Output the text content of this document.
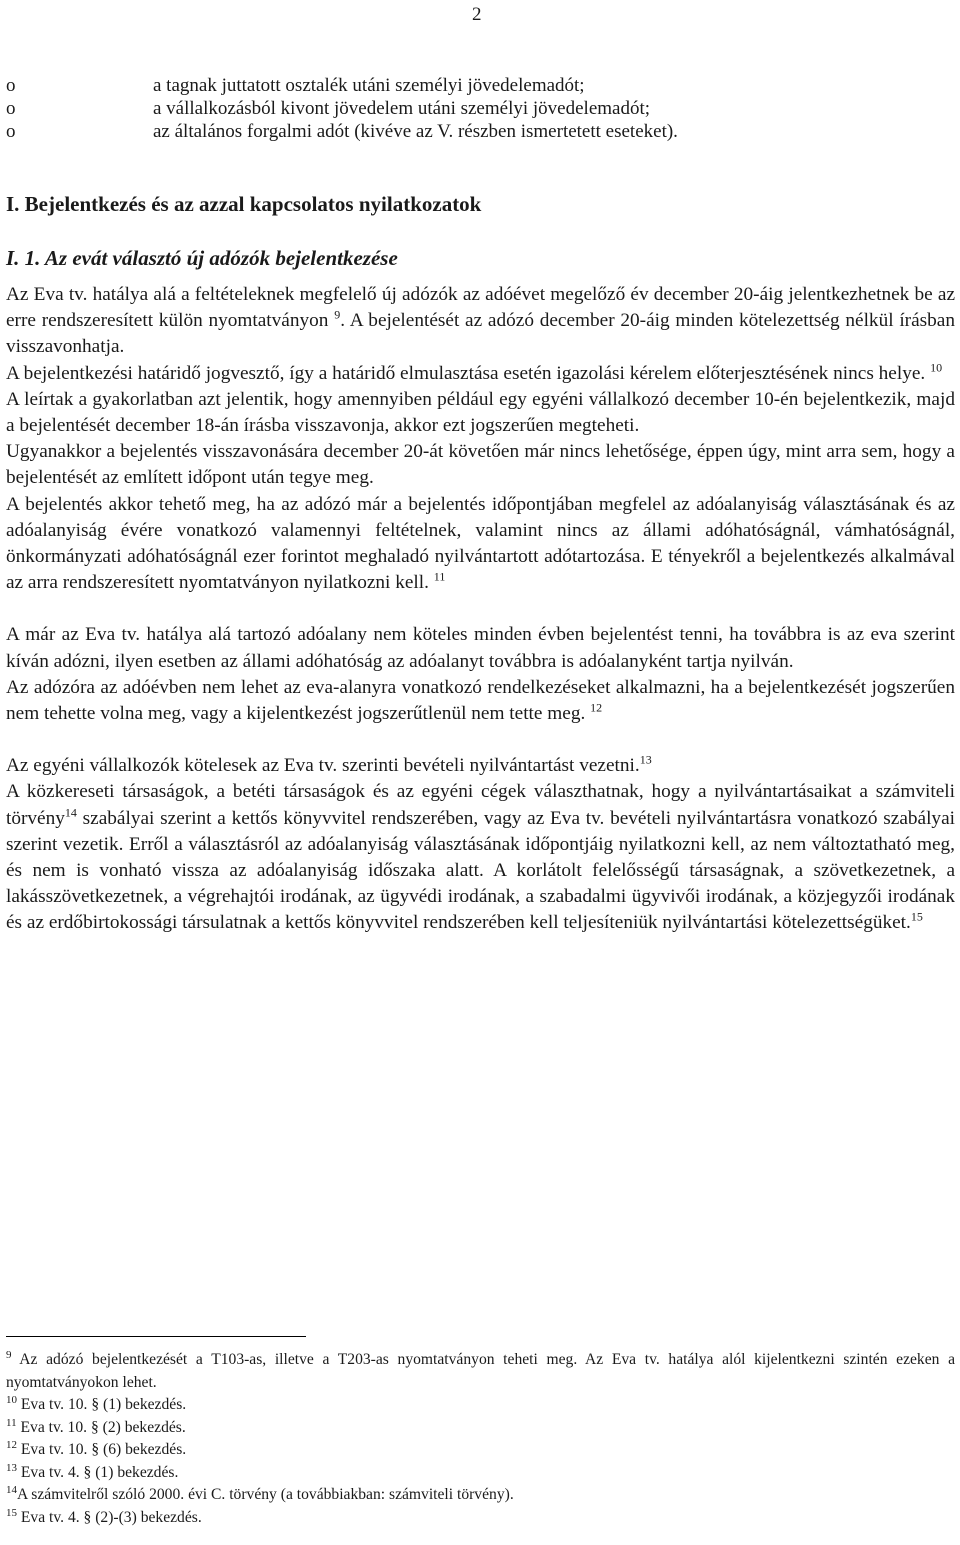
2
o	a tagnak juttatott osztalék utáni személyi jövedelemadót;
o	a vállalkozásból kivont jövedelem utáni személyi jövedelemadót;
o	az általános forgalmi adót (kivéve az V. részben ismertetett eseteket).
I. Bejelentkezés és az azzal kapcsolatos nyilatkozatok
I. 1. Az evát választó új adózók bejelentkezése

Az Eva tv. hatálya alá a feltételeknek megfelelő új adózók az adóévet megelőző év december 20-áig jelentkezhetnek be az erre rendszeresített külön nyomtatványon $^9$. A bejelentését az adózó december 20-áig minden kötelezettség nélkül írásban visszavonhatja.

A bejelentkezési határidő jogvesztő, így a határidő elmulasztása esetén igazolási kérelem előterjesztésének nincs helye. $^{10}$

A leírtak a gyakorlatban azt jelentik, hogy amennyiben például egy egyéni vállalkozó december 10-én bejelentkezik, majd a bejelentését december 18-án írásba visszavonja, akkor ezt jogszerűen megteheti.

Ugyanakkor a bejelentés visszavonására december 20-át követően már nincs lehetősége, éppen úgy, mint arra sem, hogy a bejelentését az említett időpont után tegye meg.

A bejelentés akkor tehető meg, ha az adózó már a bejelentés időpontjában megfelel az adóalanyiság választásának és az adóalanyiság évére vonatkozó valamennyi feltételnek, valamint nincs az állami adóhatóságnál, vámhatóságnál, önkormányzati adóhatóságnál ezer forintot meghaladó nyilvántartott adótartozása. E tényekről a bejelentkezés alkalmával az arra rendszeresített nyomtatványon nyilatkozni kell. $^{11}$

A már az Eva tv. hatálya alá tartozó adóalany nem köteles minden évben bejelentést tenni, ha továbbra is az eva szerint kíván adózni, ilyen esetben az állami adóhatóság az adóalanyt továbbra is adóalanyként tartja nyilván.

Az adózóra az adóévben nem lehet az eva-alanyra vonatkozó rendelkezéseket alkalmazni, ha a bejelentkezését jogszerűen nem tehette volna meg, vagy a kijelentkezést jogszerűtlenül nem tette meg. $^{12}$

Az egyéni vállalkozók kötelesek az Eva tv. szerinti bevételi nyilvántartást vezetni.$^{13}$

A közkereseti társaságok, a betéti társaságok és az egyéni cégek választhatnak, hogy a nyilvántartásaikat a számviteli törvény$^{14}$ szabályai szerint a kettős könyvvitel rendszerében, vagy az Eva tv. bevételi nyilvántartásra vonatkozó szabályai szerint vezetik. Erről a választásról az adóalanyiság választásának időpontjáig nyilatkozni kell, az nem változtatható meg, és nem is vonható vissza az adóalanyiság időszaka alatt. A korlátolt felelősségű társaságnak, a szövetkezetnek, a lakásszövetkezetnek, a végrehajtói irodának, az ügyvédi irodának, a szabadalmi ügyvivői irodának, a közjegyzői irodának és az erdőbirtokossági társulatnak a kettős könyvvitel rendszerében kell teljesíteniük nyilvántartási kötelezettségüket.$^{15}$

$^9$ Az adózó bejelentkezését a T103-as, illetve a T203-as nyomtatványon teheti meg. Az Eva tv. hatálya alól kijelentkezni szintén ezeken a nyomtatványokon lehet.

$^{10}$ Eva tv. 10. § (1) bekezdés.

$^{11}$ Eva tv. 10. § (2) bekezdés.

$^{12}$ Eva tv. 10. § (6) bekezdés.

$^{13}$ Eva tv. 4. § (1) bekezdés.

$^{14}$A számvitelről szóló 2000. évi C. törvény (a továbbiakban: számviteli törvény).

$^{15}$ Eva tv. 4. § (2)-(3) bekezdés.
